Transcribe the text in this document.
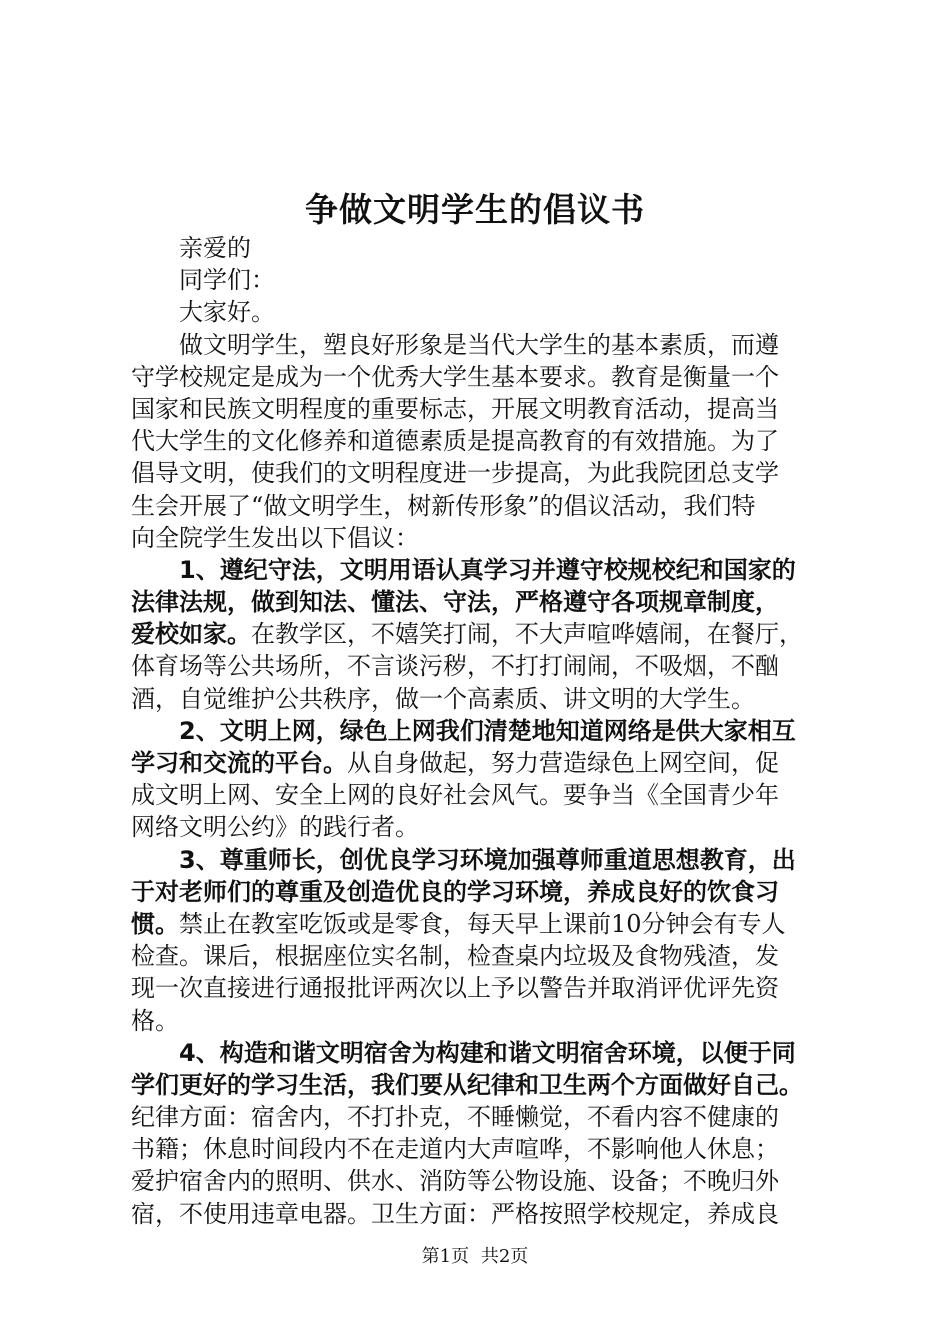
争做文明学生的倡议书
亲爱的
同学们：
大家好。
做文明学生，塑良好形象是当代大学生的基本素质，而遵
守学校规定是成为一个优秀大学生基本要求。教育是衡量一个
国家和民族文明程度的重要标志，开展文明教育活动，提高当
代大学生的文化修养和道德素质是提高教育的有效措施。为了
倡导文明，使我们的文明程度进一步提高，为此我院团总支学
生会开展了“做文明学生，树新传形象”的倡议活动，我们特
向全院学生发出以下倡议：
1、遵纪守法，文明用语认真学习并遵守校规校纪和国家的
法律法规，做到知法、懂法、守法，严格遵守各项规章制度，
爱校如家。在教学区，不嬉笑打闹，不大声喧哗嬉闹，在餐厅，
体育场等公共场所，不言谈污秽，不打打闹闹，不吸烟，不酗
酒，自觉维护公共秩序，做一个高素质、讲文明的大学生。
2、文明上网，绿色上网我们清楚地知道网络是供大家相互
学习和交流的平台。从自身做起，努力营造绿色上网空间，促
成文明上网、安全上网的良好社会风气。要争当《全国青少年
网络文明公约》的践行者。
3、尊重师长，创优良学习环境加强尊师重道思想教育，出
于对老师们的尊重及创造优良的学习环境，养成良好的饮食习
惯。禁止在教室吃饭或是零食，每天早上课前10分钟会有专人
检查。课后，根据座位实名制，检查桌内垃圾及食物残渣，发
现一次直接进行通报批评两次以上予以警告并取消评优评先资
格。
4、构造和谐文明宿舍为构建和谐文明宿舍环境，以便于同
学们更好的学习生活，我们要从纪律和卫生两个方面做好自己。
纪律方面：宿舍内，不打扑克，不睡懒觉，不看内容不健康的
书籍；休息时间段内不在走道内大声喧哗，不影响他人休息；
爱护宿舍内的照明、供水、消防等公物设施、设备；不晚归外
宿，不使用违章电器。卫生方面：严格按照学校规定，养成良
第1页 共2页
